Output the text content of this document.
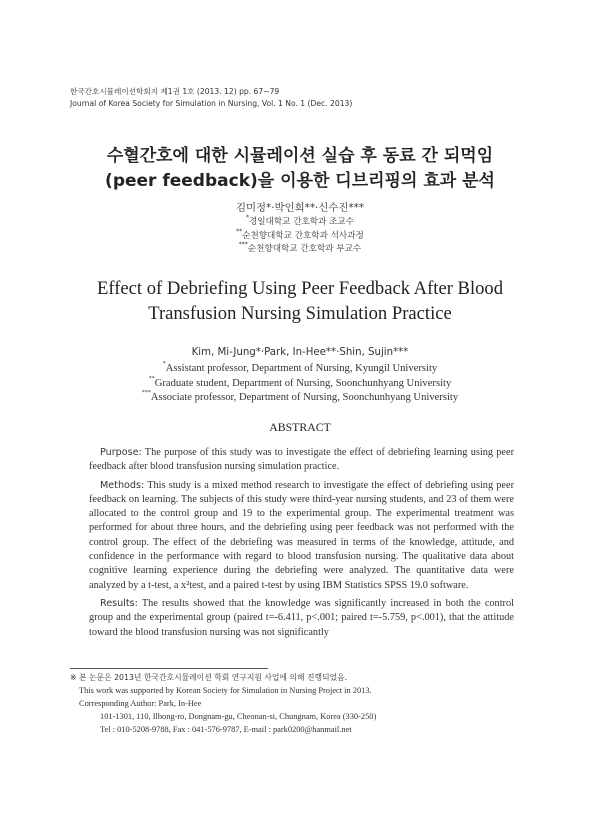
한국간호시뮬레이션학회지 제1권 1호 (2013. 12) pp. 67~79
Journal of Korea Society for Simulation in Nursing, Vol. 1 No. 1 (Dec. 2013)
수혈간호에 대한 시뮬레이션 실습 후 동료 간 되먹임
(peer feedback)을 이용한 디브리핑의 효과 분석
김미정*·박인희**·신수진***
*경일대학교 간호학과 조교수
**순천향대학교 간호학과 석사과정
***순천향대학교 간호학과 부교수
Effect of Debriefing Using Peer Feedback After Blood
Transfusion Nursing Simulation Practice
Kim, Mi-Jung*·Park, In-Hee**·Shin, Sujin***
*Assistant professor, Department of Nursing, Kyungil University
**Graduate student, Department of Nursing, Soonchunhyang University
***Associate professor, Department of Nursing, Soonchunhyang University
ABSTRACT

Purpose: The purpose of this study was to investigate the effect of debriefing learning using peer feedback after blood transfusion nursing simulation practice.

Methods: This study is a mixed method research to investigate the effect of debriefing using peer feedback on learning. The subjects of this study were third-year nursing students, and 23 of them were allocated to the control group and 19 to the experimental group. The experimental treatment was performed for about three hours, and the debriefing using peer feedback was not performed with the control group. The effect of the debriefing was measured in terms of the knowledge, attitude, and confidence in the performance with regard to blood transfusion nursing. The qualitative data about cognitive learning experience during the debriefing were analyzed. The quantitative data were analyzed by a t-test, a x²test, and a paired t-test by using IBM Statistics SPSS 19.0 software.

Results: The results showed that the knowledge was significantly increased in both the control group and the experimental group (paired t=-6.411, p<.001; paired t=-5.759, p<.001), that the attitude toward the blood transfusion nursing was not significantly

※ 본 논문은 2013년 한국간호시뮬레이션 학회 연구지원 사업에 의해 진행되었음.
This work was supported by Korean Society for Simulation in Nursing Project in 2013.
Corresponding Author: Park, In-Hee
101-1301, 110, Ilbong-ro, Dongnam-gu, Cheonan-si, Chungnam, Korea (330-250)
Tel : 010-5208-9788, Fax : 041-576-9787, E-mail : park0200@hanmail.net
